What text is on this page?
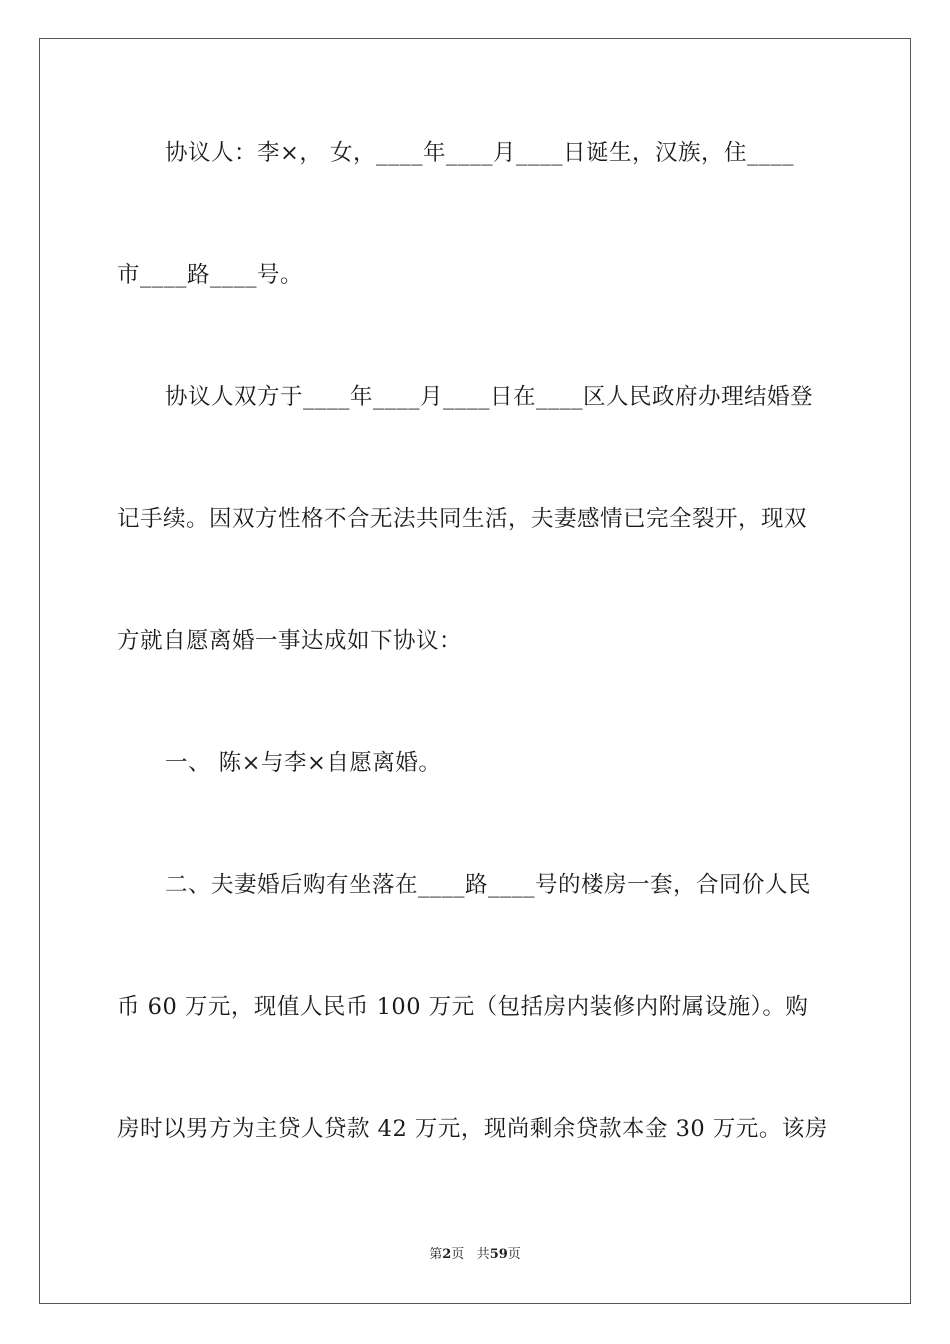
协议人：李×， 女，____年____月____日诞生，汉族，住____
市____路____号。
协议人双方于____年____月____日在____区人民政府办理结婚登
记手续。因双方性格不合无法共同生活，夫妻感情已完全裂开，现双
方就自愿离婚一事达成如下协议：
一、 陈×与李×自愿离婚。
二、夫妻婚后购有坐落在____路____号的楼房一套，合同价人民
币 60 万元，现值人民币 100 万元（包括房内装修内附属设施）。购
房时以男方为主贷人贷款 42 万元，现尚剩余贷款本金 30 万元。该房
第2页 共59页
